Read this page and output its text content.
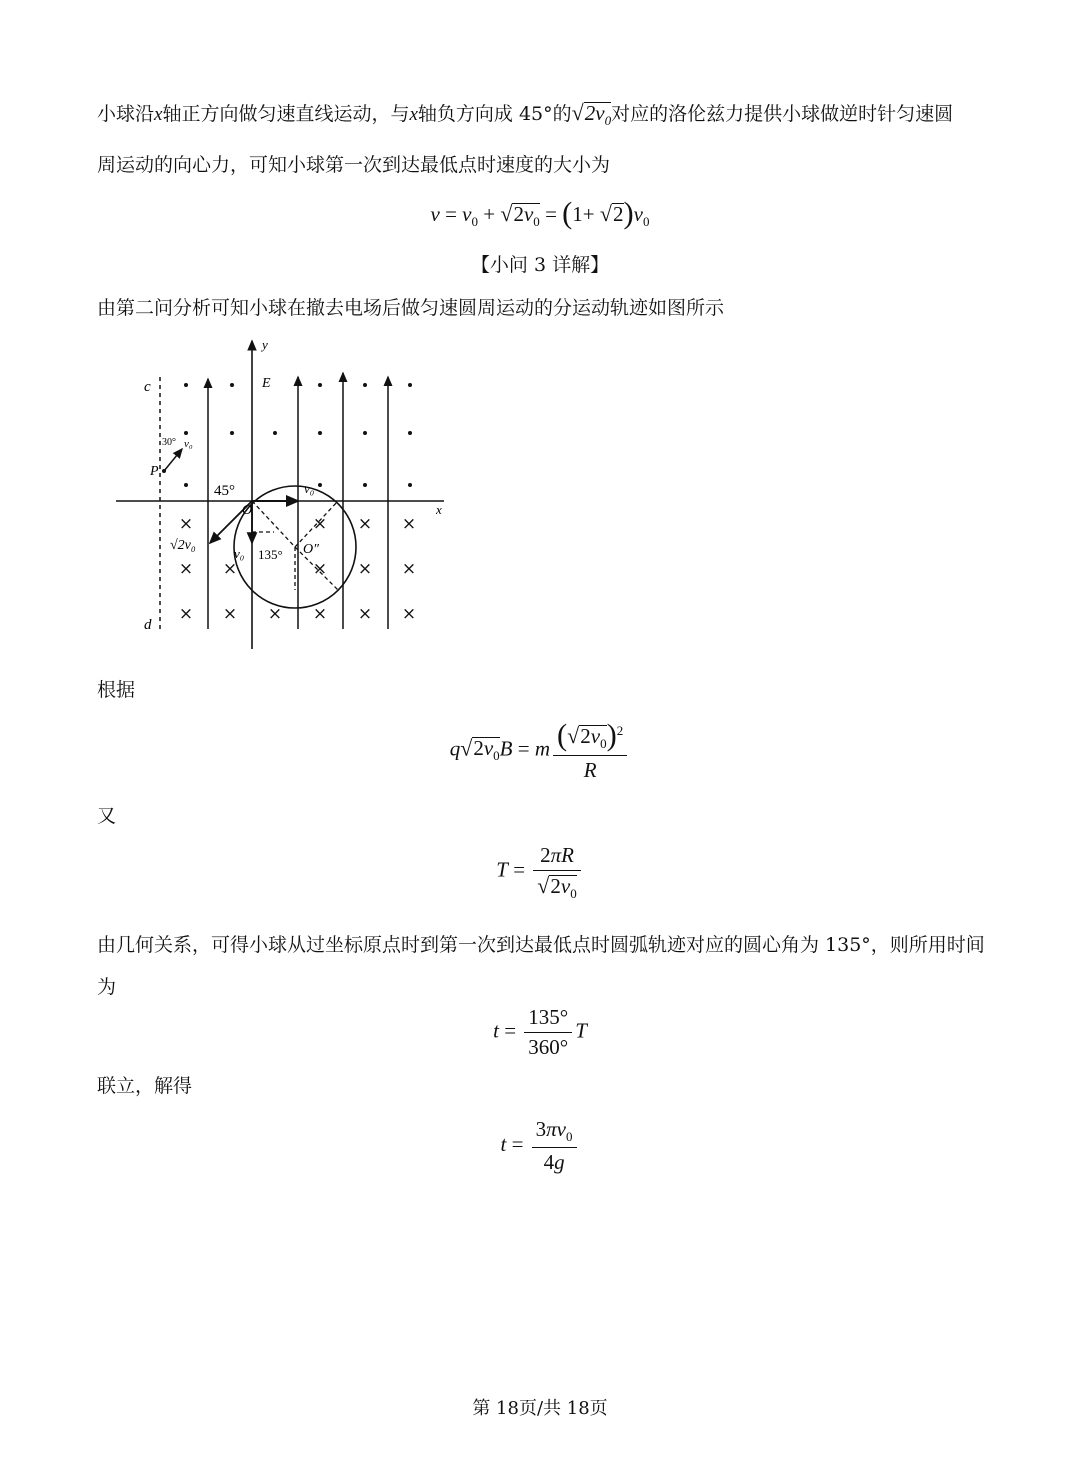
小球沿x轴正方向做匀速直线运动，与x轴负方向成 45°的$√2v_0$对应的洛伦兹力提供小球做逆时针匀速圆
周运动的向心力，可知小球第一次到达最低点时速度的大小为
$v = v_0 + √2v_0 = (1+ √2)v_0$
【小问 3 详解】
由第二问分析可知小球在撤去电场后做匀速圆周运动的分运动轨迹如图所示
x
y
E
c
d
×	× × ×
× ×	× × ×
× × × × × ×
P
30° v₀
45°
O
v₀
√2v₀
v₀ 135° O″
根据
$q√2v_0B = m \frac{(√2v_0)^2}{R}$
又
$T = \frac{2\pi R}{√2v_0}$
由几何关系，可得小球从过坐标原点时到第一次到达最低点时圆弧轨迹对应的圆心角为 135°，则所用时间
为
$t = \frac{135^\circ}{360^\circ}$ T
联立，解得
$t = \frac{3\pi v_0}{4g}$
第 18页/共 18页
